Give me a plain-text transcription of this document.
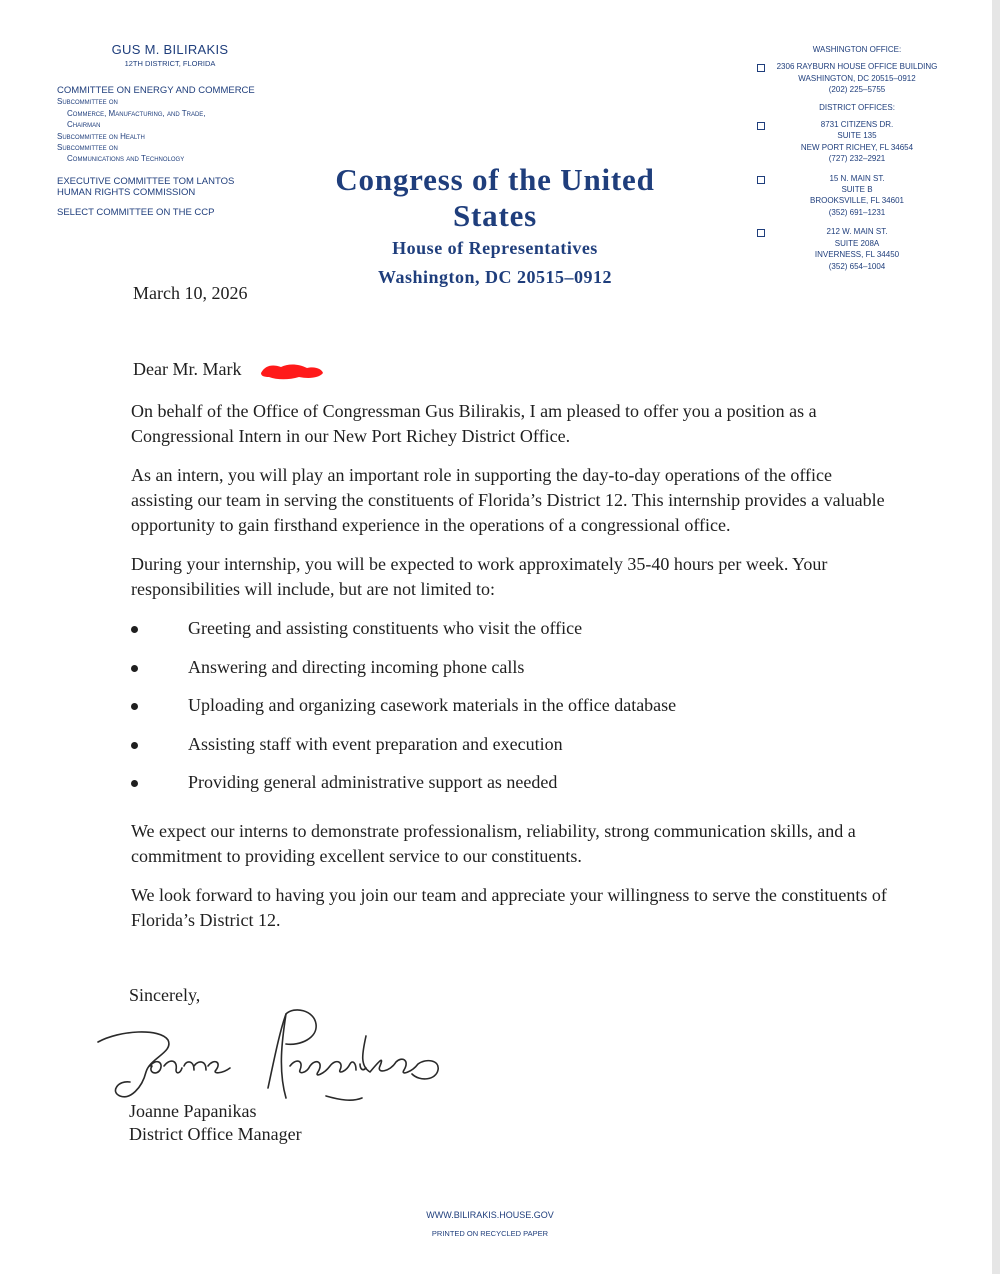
GUS M. BILIRAKIS
12TH DISTRICT, FLORIDA
COMMITTEE ON ENERGY AND COMMERCE
Subcommittee on
Commerce, Manufacturing, and Trade,
Chairman
Subcommittee on Health
Subcommittee on
Communications and Technology
EXECUTIVE COMMITTEE TOM LANTOS
HUMAN RIGHTS COMMISSION
SELECT COMMITTEE ON THE CCP
Congress of the United States
House of Representatives
Washington, DC 20515–0912
WASHINGTON OFFICE:
2306 RAYBURN HOUSE OFFICE BUILDING
WASHINGTON, DC 20515–0912
(202) 225–5755
DISTRICT OFFICES:
8731 CITIZENS DR.
SUITE 135
NEW PORT RICHEY, FL 34654
(727) 232–2921
15 N. MAIN ST.
SUITE B
BROOKSVILLE, FL 34601
(352) 691–1231
212 W. MAIN ST.
SUITE 208A
INVERNESS, FL 34450
(352) 654–1004
March 10, 2026
Dear Mr. Mark

On behalf of the Office of Congressman Gus Bilirakis, I am pleased to offer you a position as a Congressional Intern in our New Port Richey District Office.

As an intern, you will play an important role in supporting the day-to-day operations of the office assisting our team in serving the constituents of Florida’s District 12. This internship provides a valuable opportunity to gain firsthand experience in the operations of a congressional office.

During your internship, you will be expected to work approximately 35-40 hours per week. Your responsibilities will include, but are not limited to:

Greeting and assisting constituents who visit the office
Answering and directing incoming phone calls
Uploading and organizing casework materials in the office database
Assisting staff with event preparation and execution
Providing general administrative support as needed

We expect our interns to demonstrate professionalism, reliability, strong communication skills, and a commitment to providing excellent service to our constituents.

We look forward to having you join our team and appreciate your willingness to serve the constituents of Florida’s District 12.

Sincerely,
Joanne Papanikas
District Office Manager
WWW.BILIRAKIS.HOUSE.GOV
PRINTED ON RECYCLED PAPER
